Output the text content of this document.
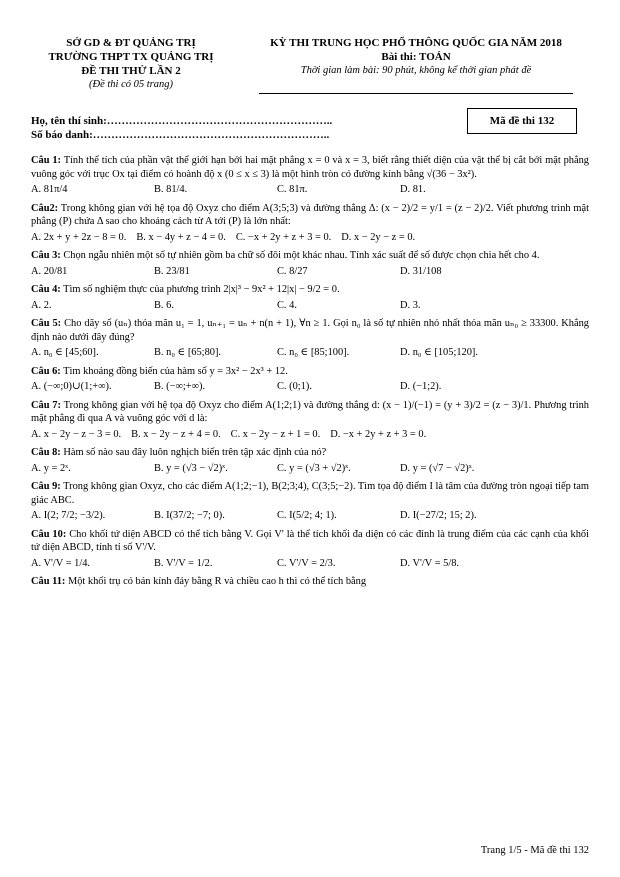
SỞ GD & ĐT QUẢNG TRỊ
TRƯỜNG THPT TX QUẢNG TRỊ
ĐỀ THI THỬ LẦN 2
(Đề thi có 05 trang)
KỲ THI TRUNG HỌC PHỔ THÔNG QUỐC GIA NĂM 2018
Bài thi: TOÁN
Thời gian làm bài: 90 phút, không kể thời gian phát đề
Họ, tên thí sinh:……………………………………………………..
Số báo danh:………………………………………………………..
Mã đề thi 132
Câu 1: Tính thể tích của phần vật thể giới hạn bởi hai mặt phẳng x = 0 và x = 3, biết rằng thiết diện của vật thể bị cắt bởi mặt phẳng vuông góc với trục Ox tại điểm có hoành độ x (0 ≤ x ≤ 3) là một hình tròn có đường kính bằng √(36 − 3x²).
A. 81π/4	B. 81/4.	C. 81π.	D. 81.
Câu2: Trong không gian với hệ tọa độ Oxyz cho điểm A(3;5;3) và đường thẳng Δ: (x − 2)/2 = y/1 = (z − 2)/2. Viết phương trình mặt phẳng (P) chứa Δ sao cho khoảng cách từ A tới (P) là lớn nhất:
A. 2x + y + 2z − 8 = 0. B. x − 4y + z − 4 = 0. C. −x + 2y + z + 3 = 0. D. x − 2y − z = 0.
Câu 3: Chọn ngẫu nhiên một số tự nhiên gồm ba chữ số đôi một khác nhau. Tính xác suất để số được chọn chia hết cho 4.
A. 20/81	B. 23/81	C. 8/27	D. 31/108
Câu 4: Tìm số nghiệm thực của phương trình 2|x|³ − 9x² + 12|x| − 9/2 = 0.
A. 2.	B. 6.	C. 4.	D. 3.
Câu 5: Cho dãy số (uₙ) thỏa mãn u₁ = 1, uₙ₊₁ = uₙ + n(n + 1), ∀n ≥ 1. Gọi n₀ là số tự nhiên nhỏ nhất thỏa mãn uₙ₀ ≥ 33300. Khẳng định nào dưới đây đúng?
A. n₀ ∈ [45;60].	B. n₀ ∈ [65;80].	C. n₀ ∈ [85;100].	D. n₀ ∈ [105;120].
Câu 6: Tìm khoảng đồng biến của hàm số y = 3x² − 2x³ + 12.
A. (−∞;0)∪(1;+∞).	B. (−∞;+∞).	C. (0;1).	D. (−1;2).
Câu 7: Trong không gian với hệ tọa độ Oxyz cho điểm A(1;2;1) và đường thẳng d: (x − 1)/(−1) = (y + 3)/2 = (z − 3)/1. Phương trình mặt phẳng đi qua A và vuông góc với d là:
A. x − 2y − z − 3 = 0. B. x − 2y − z + 4 = 0. C. x − 2y − z + 1 = 0. D. −x + 2y + z + 3 = 0.
Câu 8: Hàm số nào sau đây luôn nghịch biến trên tập xác định của nó?
A. y = 2ˣ.	B. y = (√3 − √2)ˣ.	C. y = (√3 + √2)ˣ.	D. y = (√7 − √2)ˣ.
Câu 9: Trong không gian Oxyz, cho các điểm A(1;2;−1), B(2;3;4), C(3;5;−2). Tìm tọa độ điểm I là tâm của đường tròn ngoại tiếp tam giác ABC.
A. I(2; 7/2; −3/2).	B. I(37/2; −7; 0).	C. I(5/2; 4; 1).	D. I(−27/2; 15; 2).
Câu 10: Cho khối tứ diện ABCD có thể tích bằng V. Gọi V' là thể tích khối đa diện có các đỉnh là trung điểm của các cạnh của khối tứ diện ABCD, tính tỉ số V'/V.
A. V'/V = 1/4.	B. V'/V = 1/2.	C. V'/V = 2/3.	D. V'/V = 5/8.
Câu 11: Một khối trụ có bán kính đáy bằng R và chiều cao h thì có thể tích bằng
Trang 1/5 - Mã đề thi 132
